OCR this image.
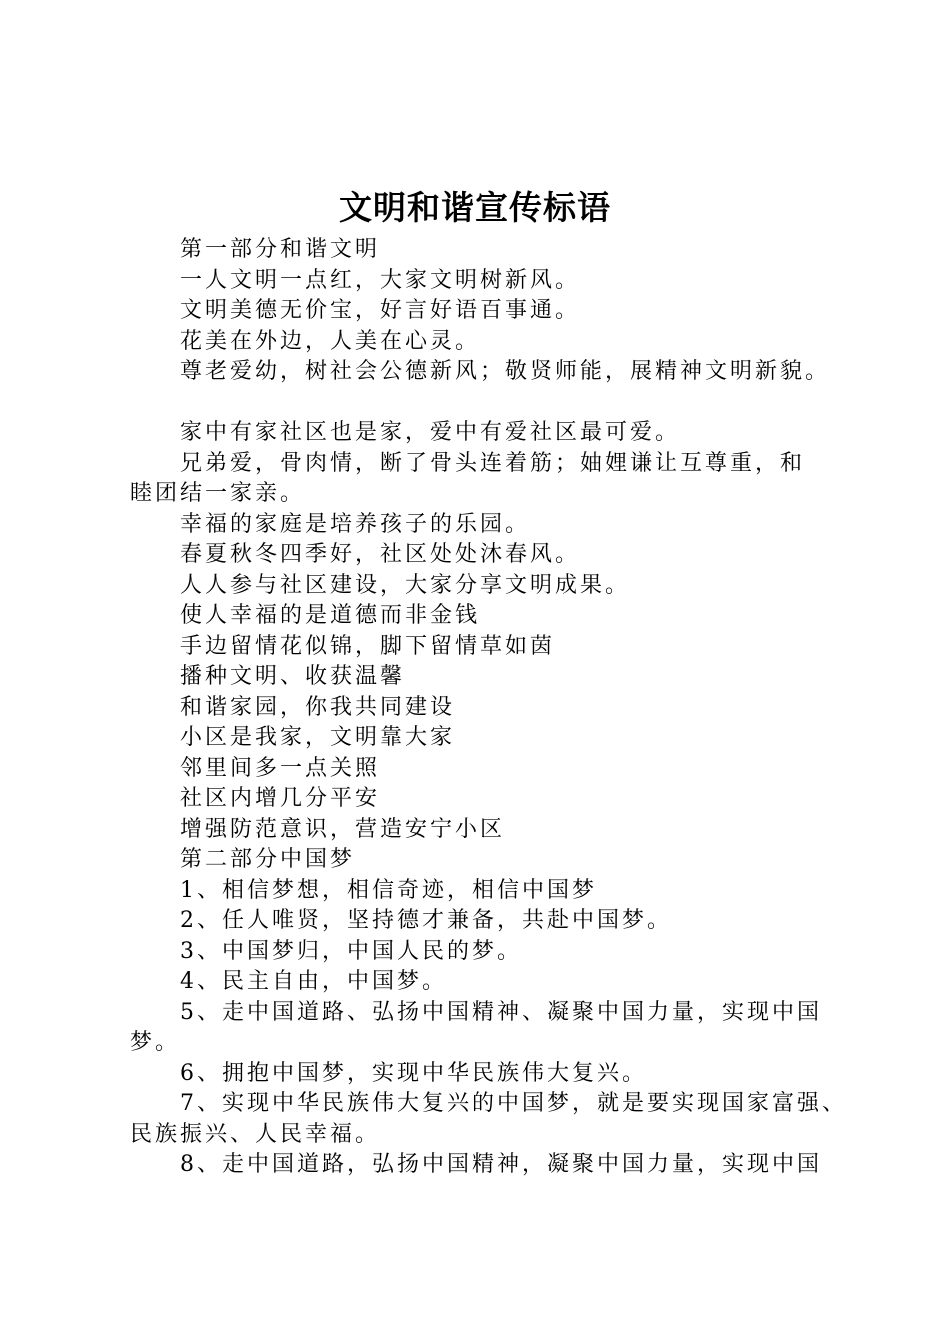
文明和谐宣传标语

第一部分和谐文明

一人文明一点红，大家文明树新风。

文明美德无价宝，好言好语百事通。

花美在外边，人美在心灵。

尊老爱幼，树社会公德新风；敬贤师能，展精神文明新貌。

家中有家社区也是家，爱中有爱社区最可爱。

兄弟爱，骨肉情，断了骨头连着筋；妯娌谦让互尊重，和

睦团结一家亲。

幸福的家庭是培养孩子的乐园。

春夏秋冬四季好，社区处处沐春风。

人人参与社区建设，大家分享文明成果。

使人幸福的是道德而非金钱

手边留情花似锦，脚下留情草如茵

播种文明、收获温馨

和谐家园，你我共同建设

小区是我家，文明靠大家

邻里间多一点关照

社区内增几分平安

增强防范意识，营造安宁小区

第二部分中国梦

1、相信梦想，相信奇迹，相信中国梦

2、任人唯贤，坚持德才兼备，共赴中国梦。

3、中国梦归，中国人民的梦。

4、民主自由，中国梦。

5、走中国道路、弘扬中国精神、凝聚中国力量，实现中国

梦。

6、拥抱中国梦，实现中华民族伟大复兴。

7、实现中华民族伟大复兴的中国梦，就是要实现国家富强、

民族振兴、人民幸福。

8、走中国道路，弘扬中国精神，凝聚中国力量，实现中国
